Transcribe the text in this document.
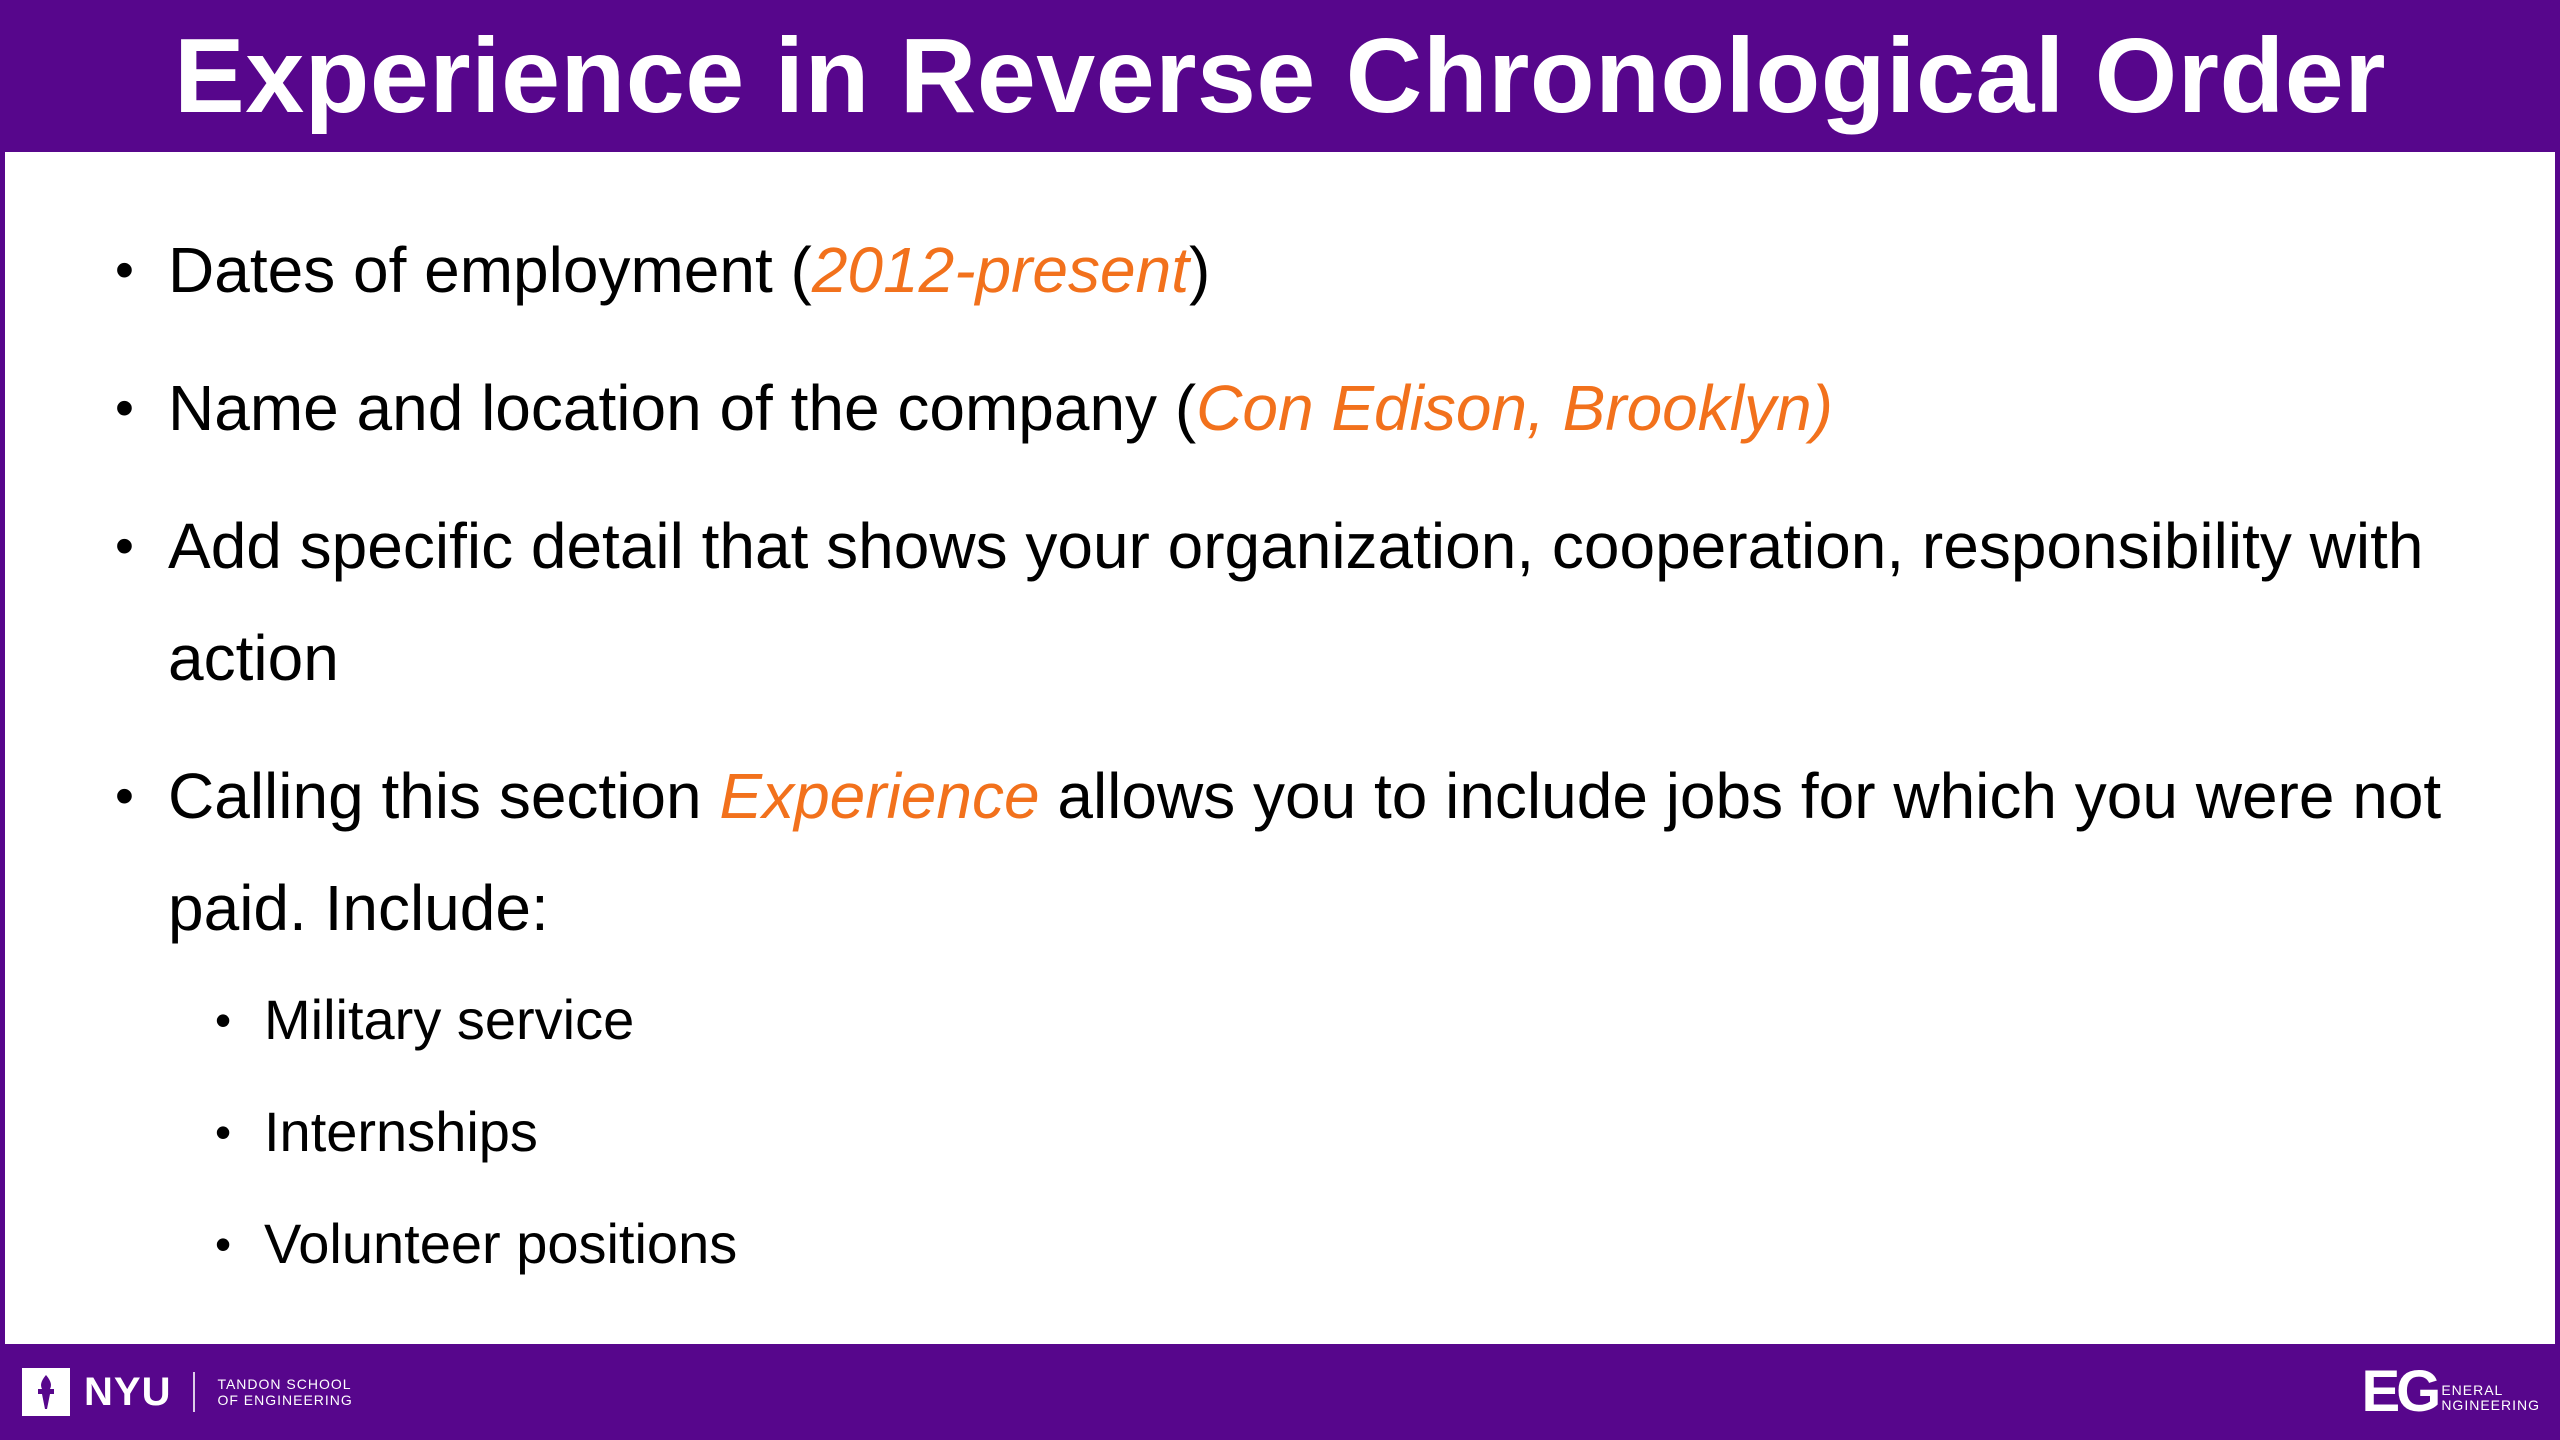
Experience in Reverse Chronological Order
• Dates of employment (2012-present)
• Name and location of the company (Con Edison, Brooklyn)
• Add specific detail that shows your organization, cooperation, responsibility with action
• Calling this section Experience allows you to include jobs for which you were not paid. Include:
• Military service
• Internships
• Volunteer positions
NYU	TANDON SCHOOL
OF ENGINEERING	EG ENERAL
NGINEERING
